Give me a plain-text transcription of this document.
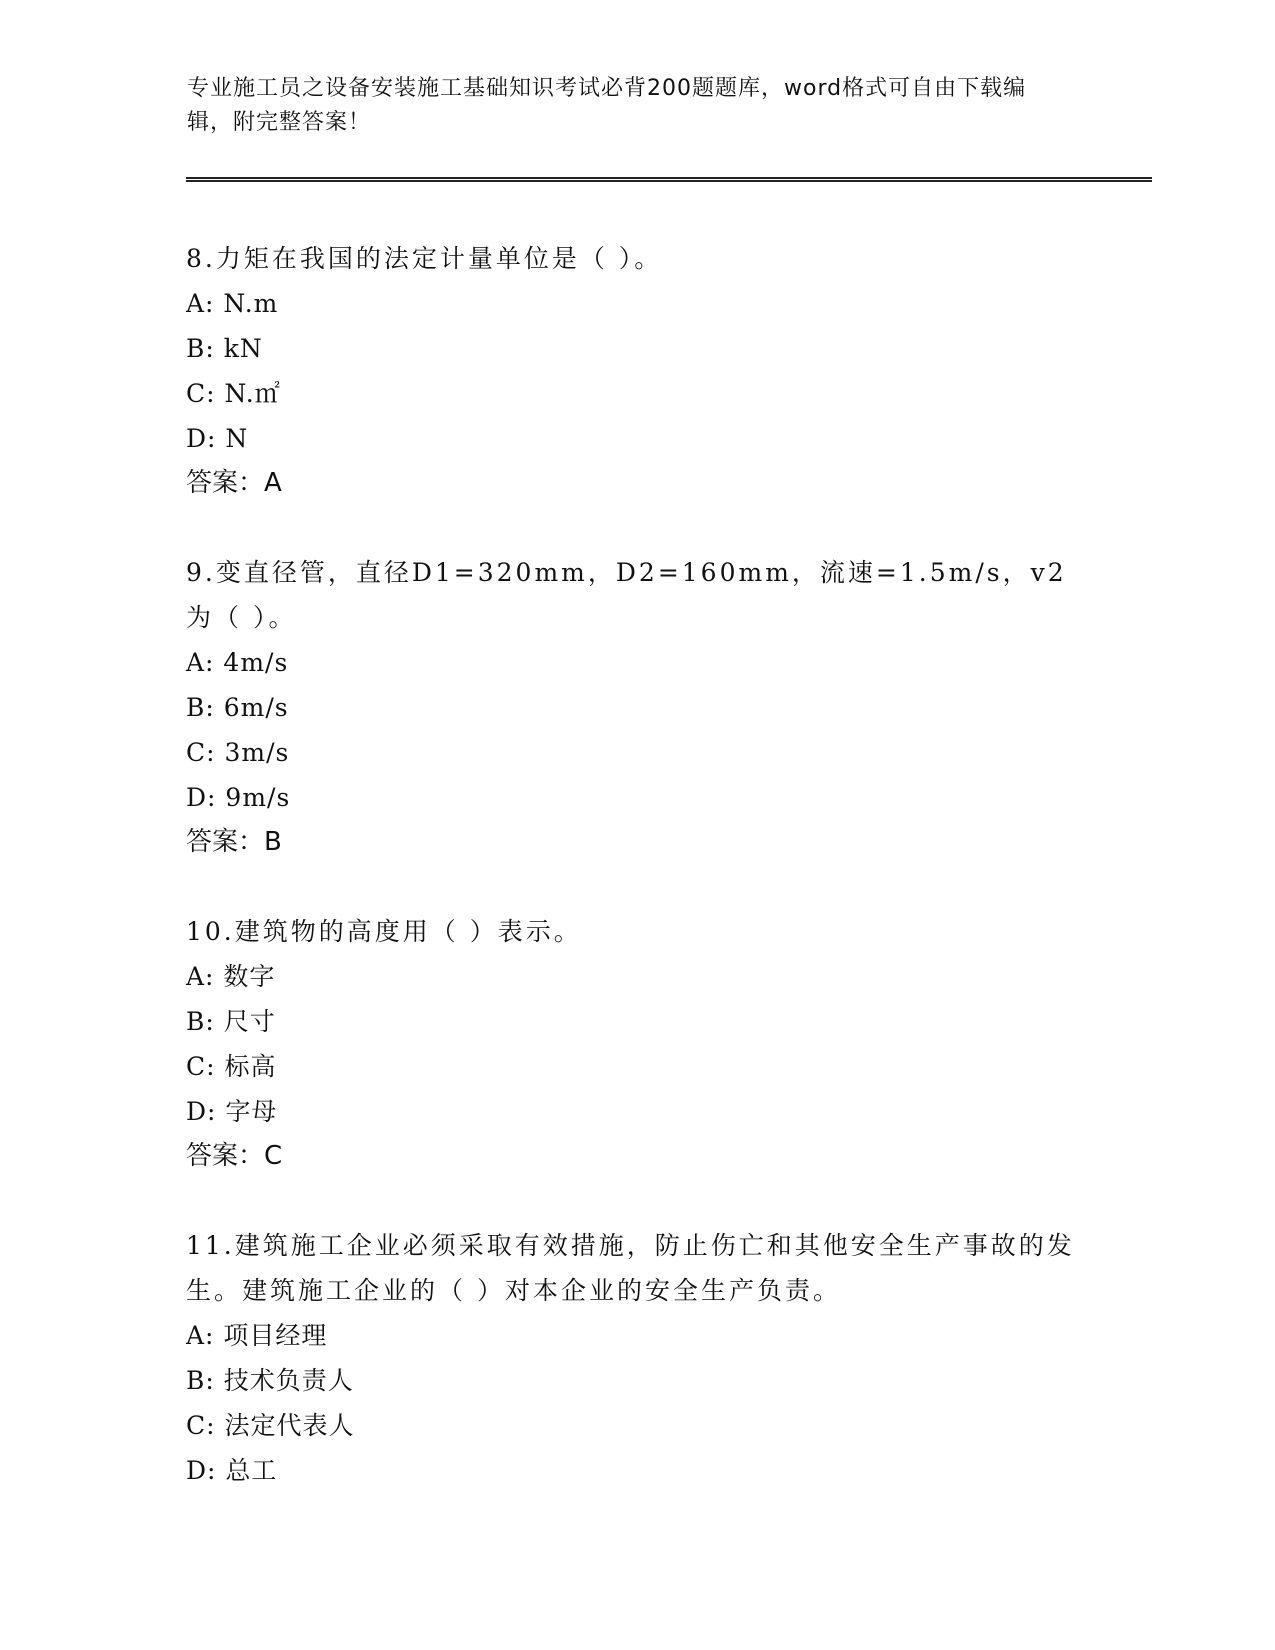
专业施工员之设备安装施工基础知识考试必背200题题库，word格式可自由下载编辑，附完整答案！

8.力矩在我国的法定计量单位是（ ）。

A: N.m

B: kN

C: N.㎡

D: N

答案：A

9.变直径管，直径D1=320mm，D2=160mm，流速=1.5m/s，v2为（ ）。

A: 4m/s

B: 6m/s

C: 3m/s

D: 9m/s

答案：B

10.建筑物的高度用（ ）表示。

A: 数字

B: 尺寸

C: 标高

D: 字母

答案：C

11.建筑施工企业必须采取有效措施，防止伤亡和其他安全生产事故的发生。建筑施工企业的（ ）对本企业的安全生产负责。

A: 项目经理

B: 技术负责人

C: 法定代表人

D: 总工
